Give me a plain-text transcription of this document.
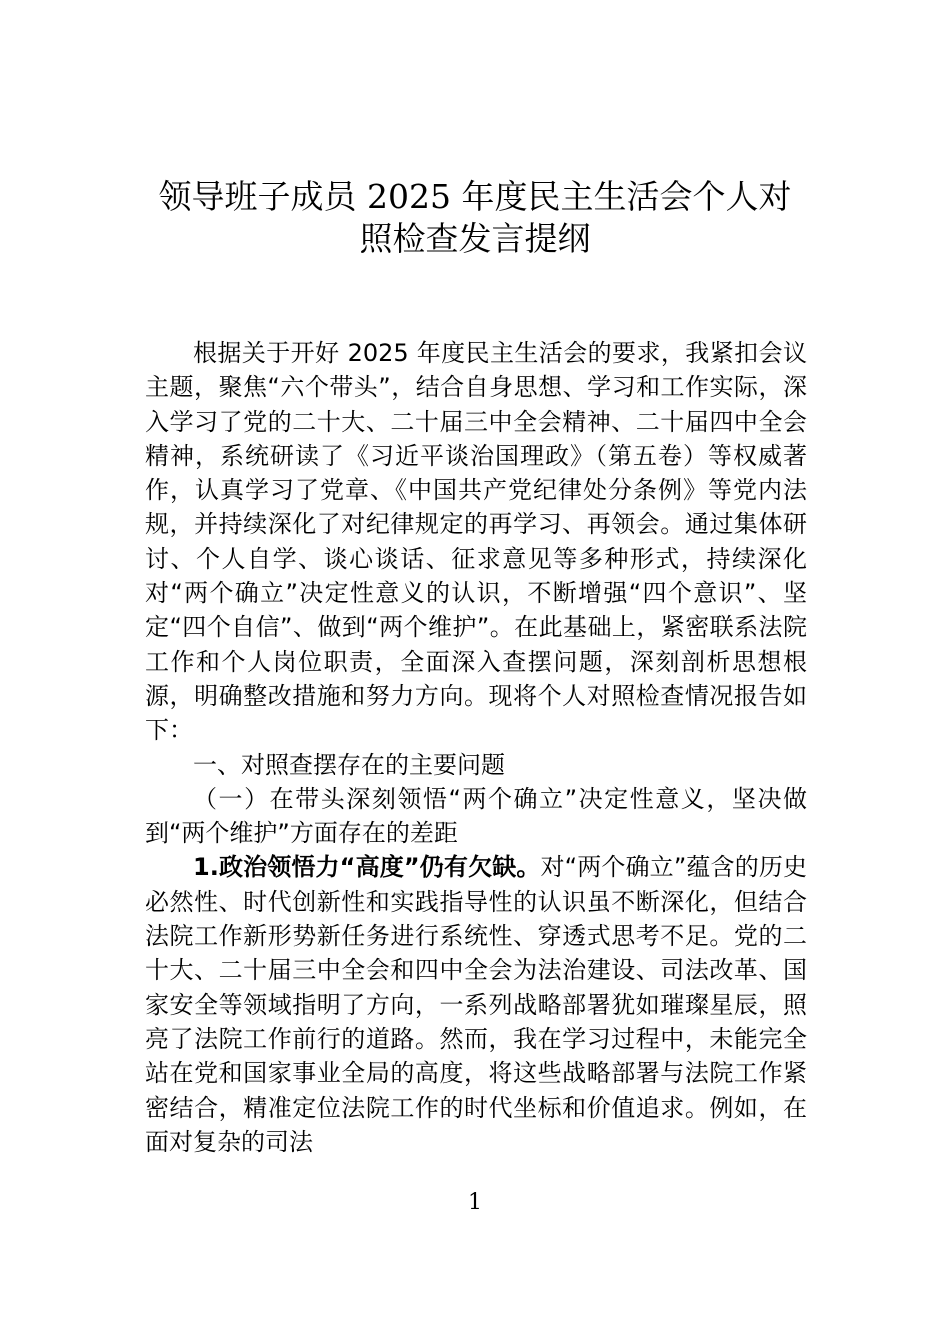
领导班子成员 2025 年度民主生活会个人对
照检查发言提纲

根据关于开好 2025 年度民主生活会的要求，我紧扣会议主题，聚焦“六个带头”，结合自身思想、学习和工作实际，深入学习了党的二十大、二十届三中全会精神、二十届四中全会精神，系统研读了《习近平谈治国理政》（第五卷）等权威著作，认真学习了党章、《中国共产党纪律处分条例》等党内法规，并持续深化了对纪律规定的再学习、再领会。通过集体研讨、个人自学、谈心谈话、征求意见等多种形式，持续深化对“两个确立”决定性意义的认识，不断增强“四个意识”、坚定“四个自信”、做到“两个维护”。在此基础上，紧密联系法院工作和个人岗位职责，全面深入查摆问题，深刻剖析思想根源，明确整改措施和努力方向。现将个人对照检查情况报告如下：

一、对照查摆存在的主要问题

（一）在带头深刻领悟“两个确立”决定性意义，坚决做到“两个维护”方面存在的差距

1.政治领悟力“高度”仍有欠缺。对“两个确立”蕴含的历史必然性、时代创新性和实践指导性的认识虽不断深化，但结合法院工作新形势新任务进行系统性、穿透式思考不足。党的二十大、二十届三中全会和四中全会为法治建设、司法改革、国家安全等领域指明了方向，一系列战略部署犹如璀璨星辰，照亮了法院工作前行的道路。然而，我在学习过程中，未能完全站在党和国家事业全局的高度，将这些战略部署与法院工作紧密结合，精准定位法院工作的时代坐标和价值追求。例如，在面对复杂的司法

1
